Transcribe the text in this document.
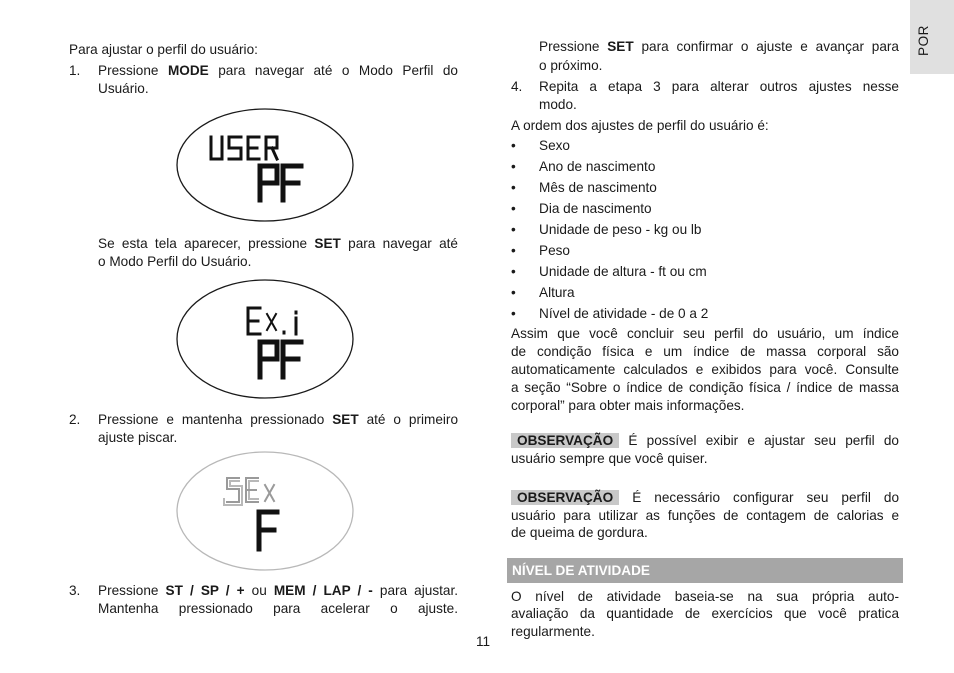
POR
Para ajustar o perfil do usuário:
1. Pressione MODE para navegar até o Modo Perfil do
Usuário.
Se esta tela aparecer, pressione SET para navegar até
o Modo Perfil do Usuário.
2. Pressione e mantenha pressionado SET até o primeiro
ajuste piscar.
3. Pressione ST / SP / + ou MEM / LAP / - para ajustar.
Mantenha pressionado para acelerar o ajuste.
Pressione SET para confirmar o ajuste e avançar para
o próximo.
4. Repita a etapa 3 para alterar outros ajustes nesse
modo.
A ordem dos ajustes de perfil do usuário é:
• Sexo
• Ano de nascimento
• Mês de nascimento
• Dia de nascimento
• Unidade de peso - kg ou lb
• Peso
• Unidade de altura - ft ou cm
• Altura
• Nível de atividade - de 0 a 2
Assim que você concluir seu perfil do usuário, um índice
de condição física e um índice de massa corporal são
automaticamente calculados e exibidos para você. Consulte
a seção “Sobre o índice de condição física / índice de massa
corporal” para obter mais informações.
OBSERVAÇÃO É possível exibir e ajustar seu perfil do
usuário sempre que você quiser.
OBSERVAÇÃO É necessário configurar seu perfil do
usuário para utilizar as funções de contagem de calorias e
de queima de gordura.
NÍVEL DE ATIVIDADE
O nível de atividade baseia-se na sua própria auto-
avaliação da quantidade de exercícios que você pratica
regularmente.
11
